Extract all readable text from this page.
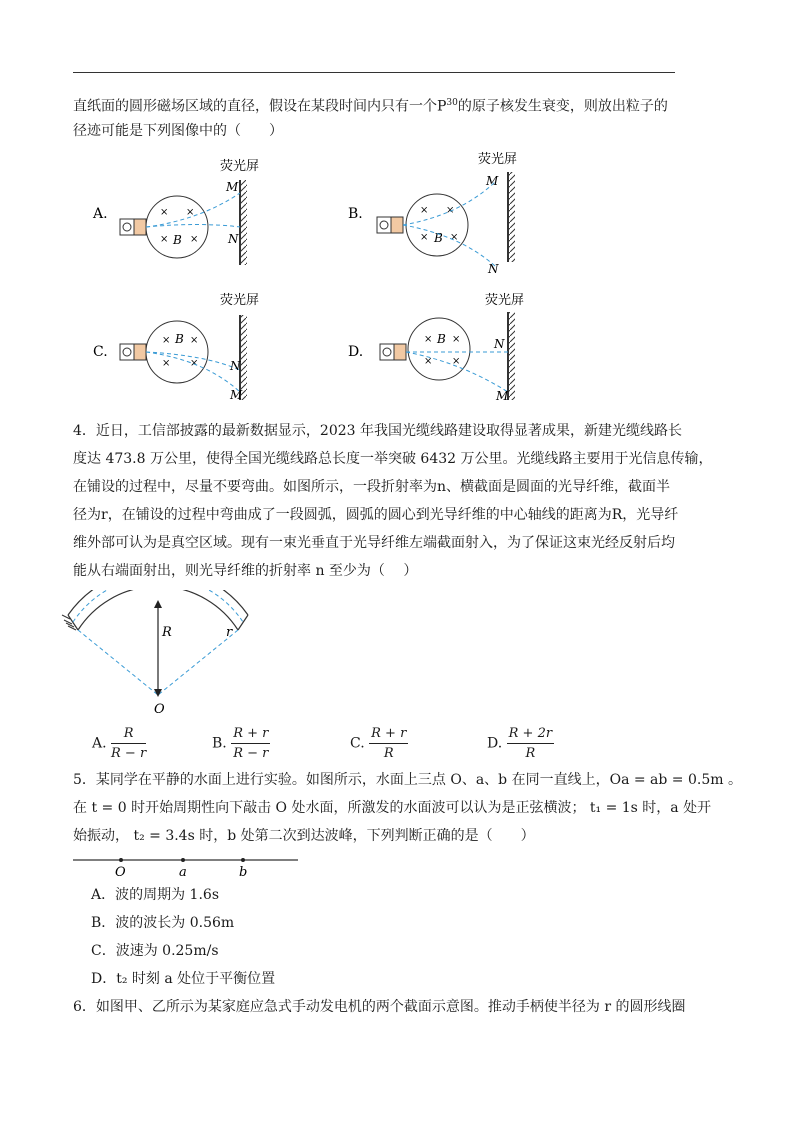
直纸面的圆形磁场区域的直径，假设在某段时间内只有一个$P^{30}$的原子核发生衰变，则放出粒子的
径迹可能是下列图像中的（　　）
A.
荧光屏
× ×
× ×
B
M
N
B.
荧光屏
× ×
× ×
B
M
N
C.
荧光屏
× ×
× ×
B
N
M
D.
荧光屏
× ×
× ×
B	N
M
4．近日，工信部披露的最新数据显示，2023 年我国光缆线路建设取得显著成果，新建光缆线路长
度达 473.8 万公里，使得全国光缆线路总长度一举突破 6432 万公里。光缆线路主要用于光信息传输，
在铺设的过程中，尽量不要弯曲。如图所示，一段折射率为n、横截面是圆面的光导纤维，截面半
径为r，在铺设的过程中弯曲成了一段圆弧，圆弧的圆心到光导纤维的中心轴线的距离为R，光导纤
维外部可认为是真空区域。现有一束光垂直于光导纤维左端截面射入，为了保证这束光经反射后均
能从右端面射出，则光导纤维的折射率 n 至少为（　 ）
R	r
O
A. $\frac{R}{R - r}$	B. $\frac{R + r}{R - r}$	C. $\frac{R + r}{R}$	D. $\frac{R + 2r}{R}$
5．某同学在平静的水面上进行实验。如图所示，水面上三点 O、a、b 在同一直线上，Oa = ab = 0.5m 。
在 t = 0 时开始周期性向下敲击 O 处水面，所激发的水面波可以认为是正弦横波； t₁ = 1s 时，a 处开
始振动， t₂ = 3.4s 时，b 处第二次到达波峰，下列判断正确的是（　　）
O	a	b
A．波的周期为 1.6s
B．波的波长为 0.56m
C．波速为 0.25m/s
D．t₂ 时刻 a 处位于平衡位置
6．如图甲、乙所示为某家庭应急式手动发电机的两个截面示意图。推动手柄使半径为 r 的圆形线圈
